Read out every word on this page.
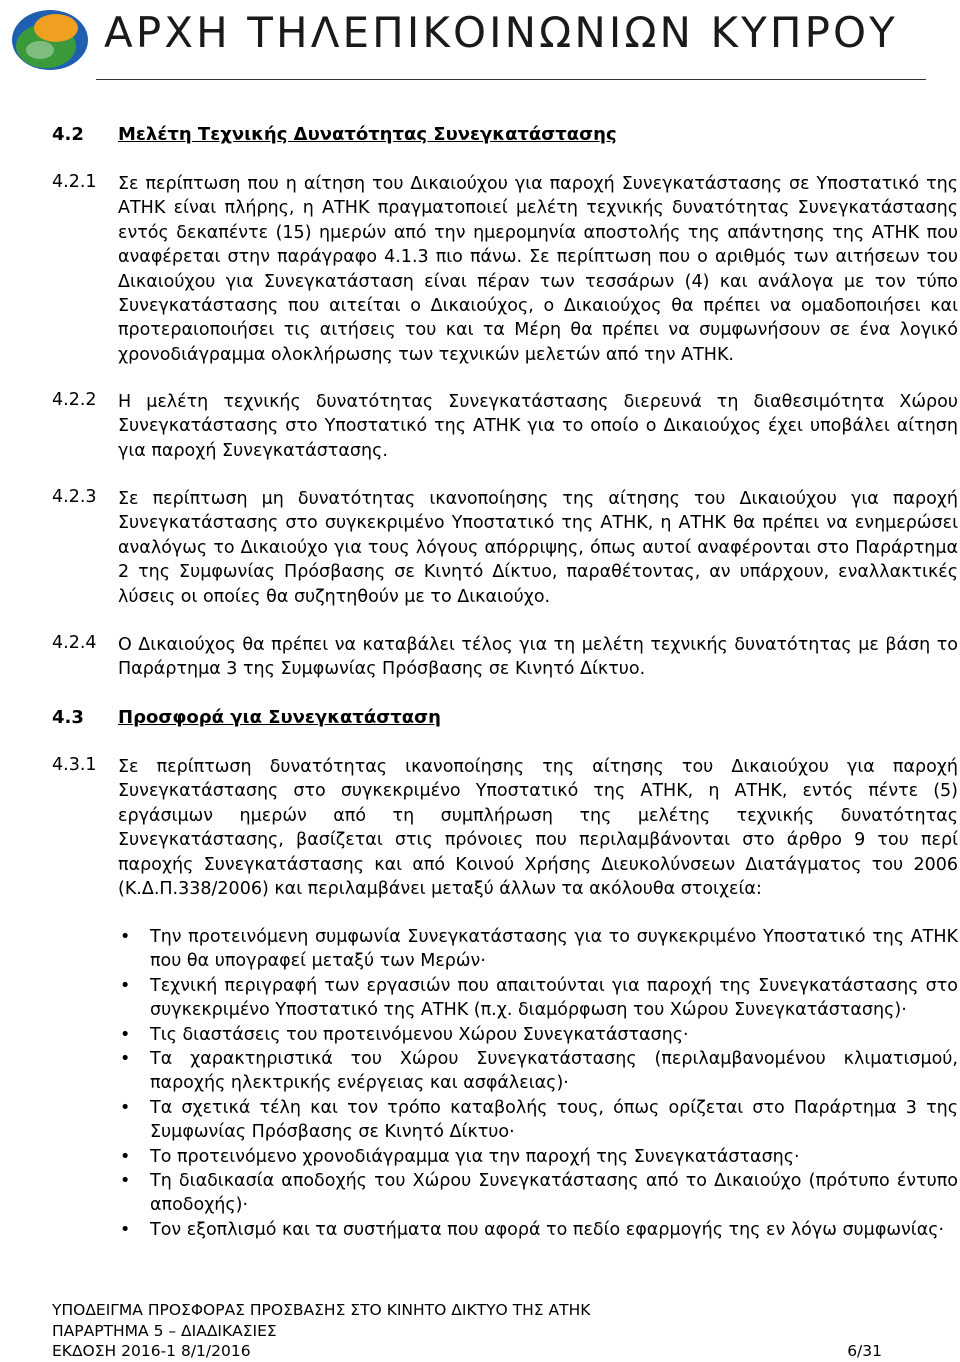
ΑΡΧΗ ΤΗΛΕΠΙΚΟΙΝΩΝΙΩΝ ΚΥΠΡΟΥ
4.2 Μελέτη Τεχνικής Δυνατότητας Συνεγκατάστασης
4.2.1 Σε περίπτωση που η αίτηση του Δικαιούχου για παροχή Συνεγκατάστασης σε Υποστατικό της ΑΤΗΚ είναι πλήρης, η ΑΤΗΚ πραγματοποιεί μελέτη τεχνικής δυνατότητας Συνεγκατάστασης εντός δεκαπέντε (15) ημερών από την ημερομηνία αποστολής της απάντησης της ΑΤΗΚ που αναφέρεται στην παράγραφο 4.1.3 πιο πάνω. Σε περίπτωση που ο αριθμός των αιτήσεων του Δικαιούχου για Συνεγκατάσταση είναι πέραν των τεσσάρων (4) και ανάλογα με τον τύπο Συνεγκατάστασης που αιτείται ο Δικαιούχος, ο Δικαιούχος θα πρέπει να ομαδοποιήσει και προτεραιοποιήσει τις αιτήσεις του και τα Μέρη θα πρέπει να συμφωνήσουν σε ένα λογικό χρονοδιάγραμμα ολοκλήρωσης των τεχνικών μελετών από την ΑΤΗΚ.
4.2.2 Η μελέτη τεχνικής δυνατότητας Συνεγκατάστασης διερευνά τη διαθεσιμότητα Χώρου Συνεγκατάστασης στο Υποστατικό της ΑΤΗΚ για το οποίο ο Δικαιούχος έχει υποβάλει αίτηση για παροχή Συνεγκατάστασης.
4.2.3 Σε περίπτωση μη δυνατότητας ικανοποίησης της αίτησης του Δικαιούχου για παροχή Συνεγκατάστασης στο συγκεκριμένο Υποστατικό της ΑΤΗΚ, η ΑΤΗΚ θα πρέπει να ενημερώσει αναλόγως το Δικαιούχο για τους λόγους απόρριψης, όπως αυτοί αναφέρονται στο Παράρτημα 2 της Συμφωνίας Πρόσβασης σε Κινητό Δίκτυο, παραθέτοντας, αν υπάρχουν, εναλλακτικές λύσεις οι οποίες θα συζητηθούν με το Δικαιούχο.
4.2.4 Ο Δικαιούχος θα πρέπει να καταβάλει τέλος για τη μελέτη τεχνικής δυνατότητας με βάση το Παράρτημα 3 της Συμφωνίας Πρόσβασης σε Κινητό Δίκτυο.
4.3 Προσφορά για Συνεγκατάσταση
4.3.1 Σε περίπτωση δυνατότητας ικανοποίησης της αίτησης του Δικαιούχου για παροχή Συνεγκατάστασης στο συγκεκριμένο Υποστατικό της ΑΤΗΚ, η ΑΤΗΚ, εντός πέντε (5) εργάσιμων ημερών από τη συμπλήρωση της μελέτης τεχνικής δυνατότητας Συνεγκατάστασης, βασίζεται στις πρόνοιες που περιλαμβάνονται στο άρθρο 9 του περί παροχής Συνεγκατάστασης και από Κοινού Χρήσης Διευκολύνσεων Διατάγματος του 2006 (Κ.Δ.Π.338/2006) και περιλαμβάνει μεταξύ άλλων τα ακόλουθα στοιχεία:
• Την προτεινόμενη συμφωνία Συνεγκατάστασης για το συγκεκριμένο Υποστατικό της ΑΤΗΚ που θα υπογραφεί μεταξύ των Μερών·
• Τεχνική περιγραφή των εργασιών που απαιτούνται για παροχή της Συνεγκατάστασης στο συγκεκριμένο Υποστατικό της ΑΤΗΚ (π.χ. διαμόρφωση του Χώρου Συνεγκατάστασης)·
• Τις διαστάσεις του προτεινόμενου Χώρου Συνεγκατάστασης·
• Τα χαρακτηριστικά του Χώρου Συνεγκατάστασης (περιλαμβανομένου κλιματισμού, παροχής ηλεκτρικής ενέργειας και ασφάλειας)·
• Τα σχετικά τέλη και τον τρόπο καταβολής τους, όπως ορίζεται στο Παράρτημα 3 της Συμφωνίας Πρόσβασης σε Κινητό Δίκτυο·
• Το προτεινόμενο χρονοδιάγραμμα για την παροχή της Συνεγκατάστασης·
• Τη διαδικασία αποδοχής του Χώρου Συνεγκατάστασης από το Δικαιούχο (πρότυπο έντυπο αποδοχής)·
• Τον εξοπλισμό και τα συστήματα που αφορά το πεδίο εφαρμογής της εν λόγω συμφωνίας·
ΥΠΟΔΕΙΓΜΑ ΠΡΟΣΦΟΡΑΣ ΠΡΟΣΒΑΣΗΣ ΣΤΟ ΚΙΝΗΤΟ ΔΙΚΤΥΟ ΤΗΣ ΑΤΗΚ
ΠΑΡΑΡΤΗΜΑ 5 – ΔΙΑΔΙΚΑΣΙΕΣ
ΕΚΔΟΣΗ 2016-1 8/1/2016	6/31
